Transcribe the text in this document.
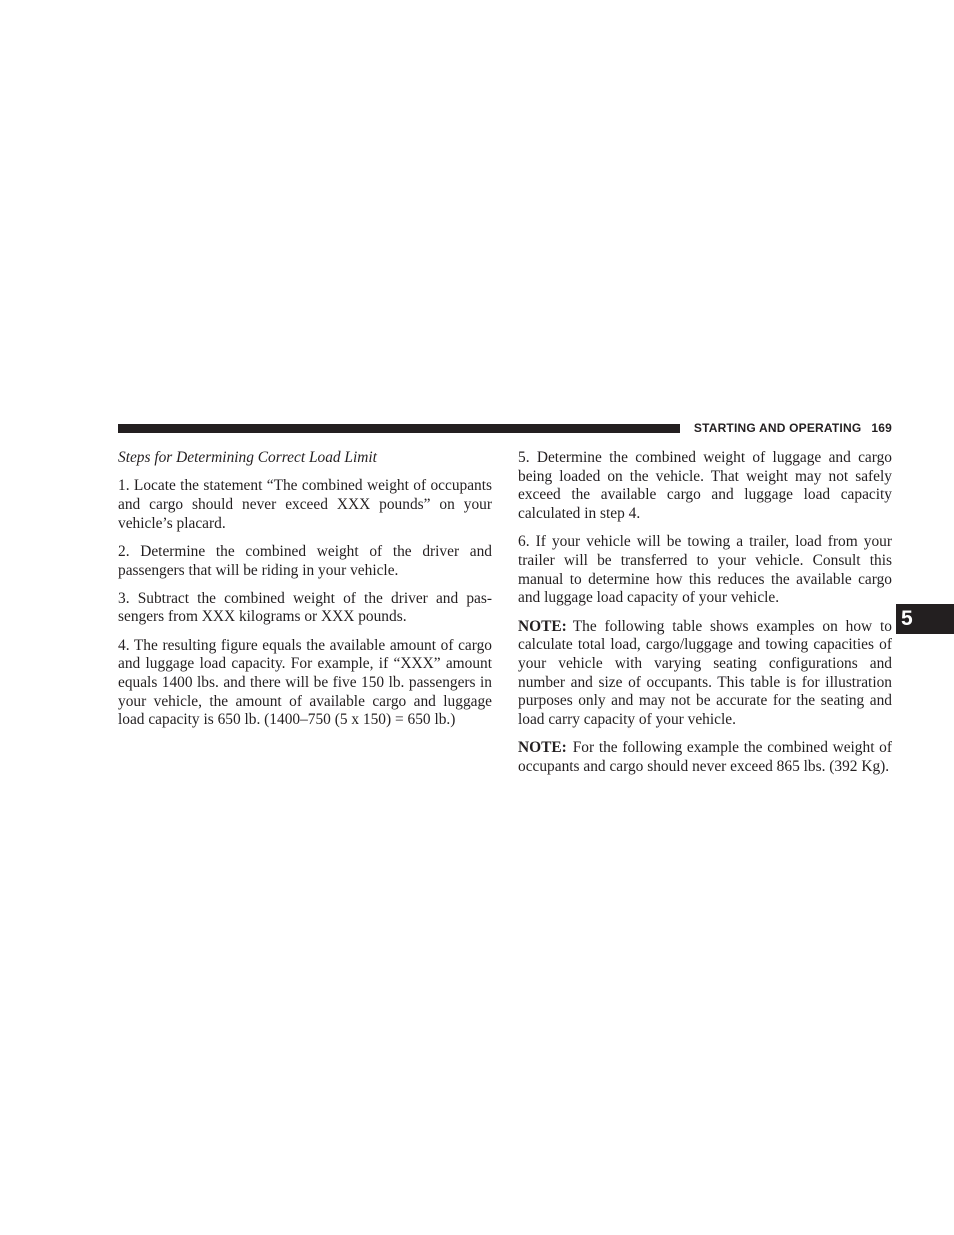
STARTING AND OPERATING 169

Steps for Determining Correct Load Limit

1. Locate the statement “The combined weight of occupants and cargo should never exceed XXX pounds” on your vehicle’s placard.

2. Determine the combined weight of the driver and passengers that will be riding in your vehicle.

3. Subtract the combined weight of the driver and passengers from XXX kilograms or XXX pounds.

4. The resulting figure equals the available amount of cargo and luggage load capacity. For example, if “XXX” amount equals 1400 lbs. and there will be five 150 lb. passengers in your vehicle, the amount of available cargo and luggage load capacity is 650 lb. (1400–750 (5 x 150) = 650 lb.)

5. Determine the combined weight of luggage and cargo being loaded on the vehicle. That weight may not safely exceed the available cargo and luggage load capacity calculated in step 4.

6. If your vehicle will be towing a trailer, load from your trailer will be transferred to your vehicle. Consult this manual to determine how this reduces the available cargo and luggage load capacity of your vehicle.

NOTE: The following table shows examples on how to calculate total load, cargo/luggage and towing capacities of your vehicle with varying seating configurations and number and size of occupants. This table is for illustration purposes only and may not be accurate for the seating and load carry capacity of your vehicle.

NOTE: For the following example the combined weight of occupants and cargo should never exceed 865 lbs. (392 Kg).

5
